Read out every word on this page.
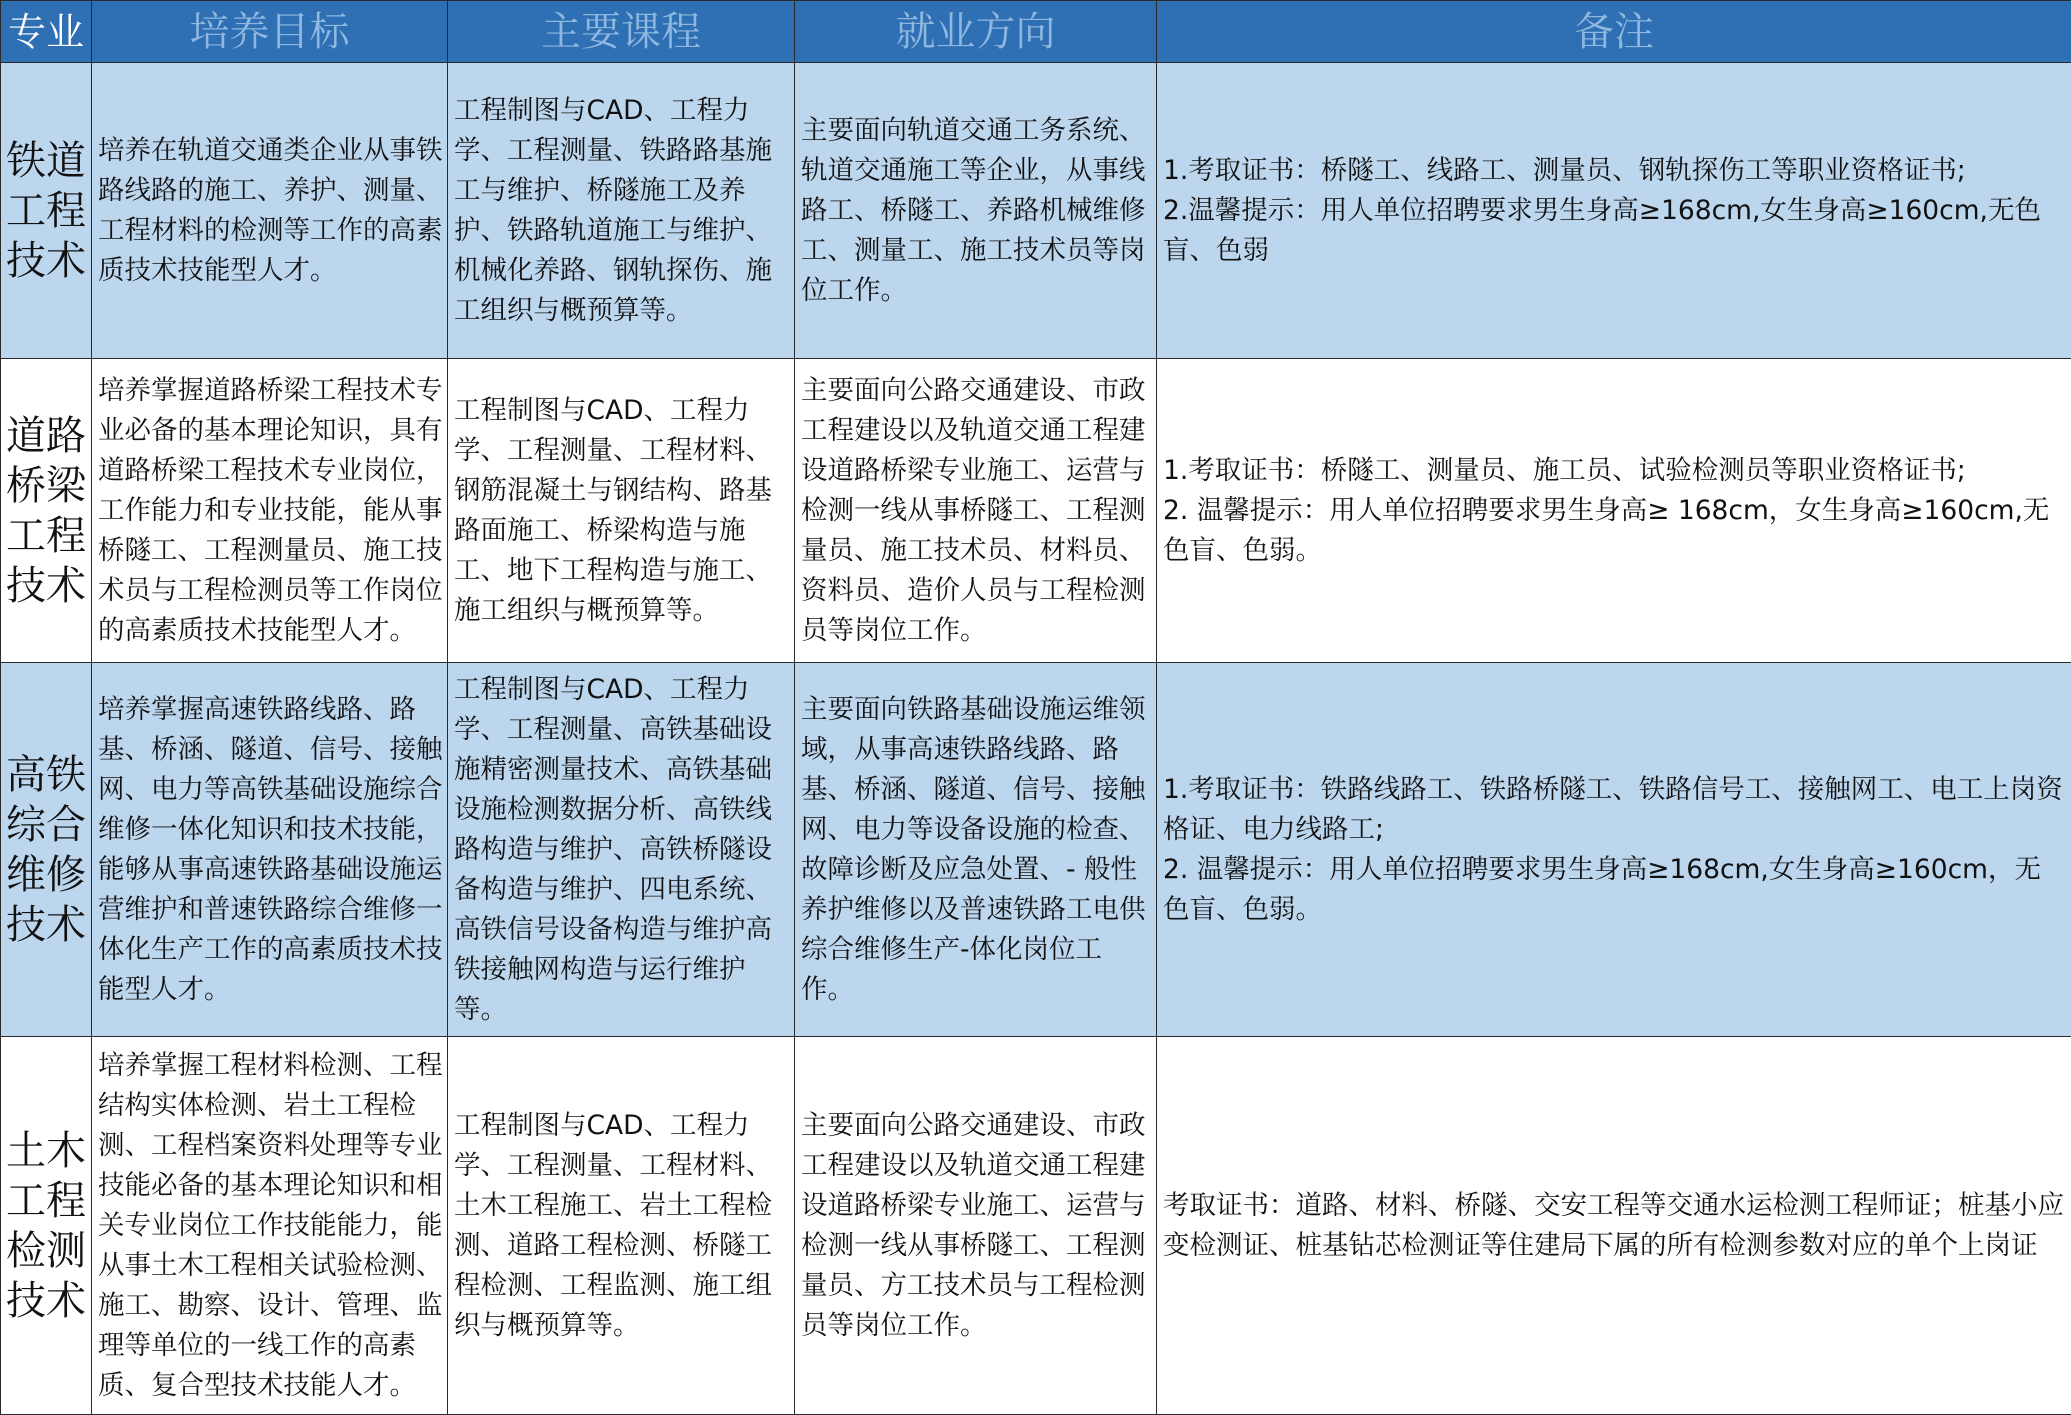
专业	培养目标	主要课程	就业方向	备注
铁道工程技术	培养在轨道交通类企业从事铁路线路的施工、养护、测量、工程材料的检测等工作的高素质技术技能型人才。	工程制图与CAD、工程力学、工程测量、铁路路基施工与维护、桥隧施工及养护、铁路轨道施工与维护、机械化养路、钢轨探伤、施工组织与概预算等。	主要面向轨道交通工务系统、轨道交通施工等企业，从事线路工、桥隧工、养路机械维修工、测量工、施工技术员等岗位工作。	1.考取证书：桥隧工、线路工、测量员、钢轨探伤工等职业资格证书;
2.温馨提示：用人单位招聘要求男生身高≥168cm,女生身高≥160cm,无色盲、色弱
道路桥梁工程技术	培养掌握道路桥梁工程技术专业必备的基本理论知识，具有道路桥梁工程技术专业岗位，工作能力和专业技能，能从事桥隧工、工程测量员、施工技术员与工程检测员等工作岗位的高素质技术技能型人才。	工程制图与CAD、工程力学、工程测量、工程材料、钢筋混凝土与钢结构、路基路面施工、桥梁构造与施工、地下工程构造与施工、施工组织与概预算等。	主要面向公路交通建设、市政工程建设以及轨道交通工程建设道路桥梁专业施工、运营与检测一线从事桥隧工、工程测量员、施工技术员、材料员、资料员、造价人员与工程检测员等岗位工作。	1.考取证书：桥隧工、测量员、施工员、试验检测员等职业资格证书;
2. 温馨提示：用人单位招聘要求男生身高≥ 168cm，女生身高≥160cm,无色盲、色弱。
高铁综合维修技术	培养掌握高速铁路线路、路基、桥涵、隧道、信号、接触网、电力等高铁基础设施综合维修一体化知识和技术技能，能够从事高速铁路基础设施运营维护和普速铁路综合维修一体化生产工作的高素质技术技能型人才。	工程制图与CAD、工程力学、工程测量、高铁基础设施精密测量技术、高铁基础设施检测数据分析、高铁线路构造与维护、高铁桥隧设备构造与维护、四电系统、高铁信号设备构造与维护高铁接触网构造与运行维护等。	主要面向铁路基础设施运维领域，从事高速铁路线路、路基、桥涵、隧道、信号、接触网、电力等设备设施的检查、故障诊断及应急处置、- 般性养护维修以及普速铁路工电供综合维修生产-体化岗位工作。	1.考取证书：铁路线路工、铁路桥隧工、铁路信号工、接触网工、电工上岗资格证、电力线路工;
2. 温馨提示：用人单位招聘要求男生身高≥168cm,女生身高≥160cm，无色盲、色弱。
土木工程检测技术	培养掌握工程材料检测、工程结构实体检测、岩土工程检测、工程档案资料处理等专业技能必备的基本理论知识和相关专业岗位工作技能能力，能从事土木工程相关试验检测、施工、勘察、设计、管理、监理等单位的一线工作的高素质、复合型技术技能人才。	工程制图与CAD、工程力学、工程测量、工程材料、土木工程施工、岩土工程检测、道路工程检测、桥隧工程检测、工程监测、施工组织与概预算等。	主要面向公路交通建设、市政工程建设以及轨道交通工程建设道路桥梁专业施工、运营与检测一线从事桥隧工、工程测量员、方工技术员与工程检测员等岗位工作。	考取证书：道路、材料、桥隧、交安工程等交通水运检测工程师证；桩基小应变检测证、桩基钻芯检测证等住建局下属的所有检测参数对应的单个上岗证
